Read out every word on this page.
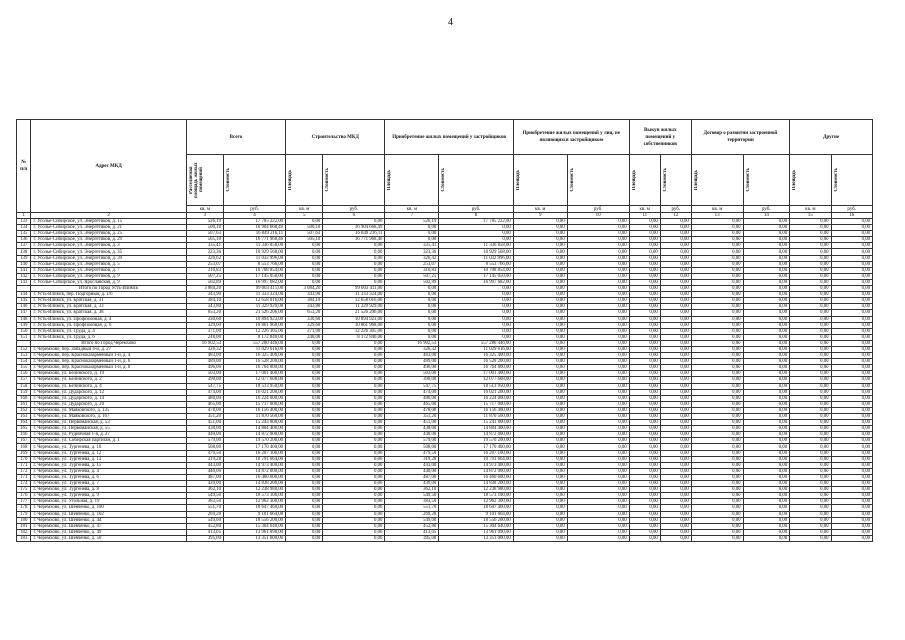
4
№ п/п	Адрес МКД	Всего		Строительство МКД		Приобретение жилых помещений у застройщиков		Приобретение жилых помещений у лиц, не являющихся застройщиком		Выкуп жилых помещений у собственников		Договор о развитии застроенной территории		Другие	

		Расселяемая площадь жилых помещений	Стоимость	Площадь	Стоимость	Площадь	Стоимость	Площадь	Стоимость	Площадь	Стоимость	Площадь	Стоимость	Площадь	Стоимость

		кв. м	руб.	кв. м	руб.	кв. м	руб.	кв. м	руб.	кв. м	руб.	кв. м	руб.	кв. м	руб.
1	2	3	4	5	6	7	8	9	10	11	12	13	14	15	16
133	г. Усолье-Сибирское, ул. Энергетиков, д. 15	526,19	17 785 222,00	0,00	0,00	526,19	17 785 222,00	0,00	0,00	0,00	0,00	0,00	0,00	0,00	0,00
134	г. Усолье-Сибирское, ул. Энергетиков, д. 21	500,10	16 904 668,49	500,10	16 904 668,49	0,00	0,00	0,00	0,00	0,00	0,00	0,00	0,00	0,00	0,00
135	г. Усолье-Сибирское, ул. Энергетиков, д. 25	507,63	16 849 216,11	507,63	16 849 216,11	0,00	0,00	0,00	0,00	0,00	0,00	0,00	0,00	0,00	0,00
136	г. Усолье-Сибирское, ул. Энергетиков, д. 29	505,10	16 771 968,46	505,10	16 771 968,46	0,00	0,00	0,00	0,00	0,00	0,00	0,00	0,00	0,00	0,00
137	г. Усолье-Сибирское, ул. Энергетиков, д. 3	335,41	11 336 858,00	0,00	0,00	335,41	11 336 858,00	0,00	0,00	0,00	0,00	0,00	0,00	0,00	0,00
138	г. Усолье-Сибирское, ул. Энергетиков, д. 35	323,36	10 929 568,00	0,00	0,00	323,36	10 929 568,00	0,00	0,00	0,00	0,00	0,00	0,00	0,00	0,00
139	г. Усолье-Сибирское, ул. Энергетиков, д. 39	326,62	11 032 996,00	0,00	0,00	326,42	11 032 996,00	0,00	0,00	0,00	0,00	0,00	0,00	0,00	0,00
140	г. Усолье-Сибирское, ул. Энергетиков, д. 5	253,07	8 553 766,00	0,00	0,00	253,07	8 553 766,00	0,00	0,00	0,00	0,00	0,00	0,00	0,00	0,00
141	г. Усолье-Сибирское, ул. Энергетиков, д. 7	316,83	10 708 854,00	0,00	0,00	316,83	10 708 854,00	0,00	0,00	0,00	0,00	0,00	0,00	0,00	0,00
142	г. Усолье-Сибирское, ул. Энергетиков, д. 9	507,25	17 145 050,00	0,00	0,00	507,25	17 145 050,00	0,00	0,00	0,00	0,00	0,00	0,00	0,00	0,00
143	г. Усолье-Сибирское, ул. Ярославская, д. 9	502,89	16 997 682,00	0,00	0,00	502,89	16 997 682,00	0,00	0,00	0,00	0,00	0,00	0,00	0,00	0,00
	Итого по Город Усть-Илимск	3 084,20	99 003 411,00	3 084,20	99 003 411,00	0,00	0,00	0,00	0,00	0,00	0,00	0,00	0,00	0,00	0,00
144	г. Усть-Илимск, пер. Подгорный, д. 1/6	343,90	11 333 324,00	343,90	11 333 324,00	0,00	0,00	0,00	0,00	0,00	0,00	0,00	0,00	0,00	0,00
145	г. Усть-Илимск, ул. Братская, д. 31	384,10	12 658 016,00	384,10	12 658 016,00	0,00	0,00	0,00	0,00	0,00	0,00	0,00	0,00	0,00	0,00
146	г. Усть-Илимск, ул. Братская, д. 33	343,80	11 329 929,00	343,80	11 329 929,00	0,00	0,00	0,00	0,00	0,00	0,00	0,00	0,00	0,00	0,00
147	г. Усть-Илимск, ул. Братская, д. 38	653,20	21 526 206,00	653,20	21 526 206,00	0,00	0,00	0,00	0,00	0,00	0,00	0,00	0,00	0,00	0,00
148	г. Усть-Илимск, ул. Профсоюзная, д. 4	330,60	10 894 923,00	330,60	10 894 923,00	0,00	0,00	0,00	0,00	0,00	0,00	0,00	0,00	0,00	0,00
149	г. Усть-Илимск, ул. Профсоюзная, д. 6	329,60	10 861 968,00	329,60	10 861 968,00	0,00	0,00	0,00	0,00	0,00	0,00	0,00	0,00	0,00	0,00
150	г. Усть-Илимск, ул. Труда, д. 4	371,00	12 226 305,00	371,00	12 226 305,00	0,00	0,00	0,00	0,00	0,00	0,00	0,00	0,00	0,00	0,00
151	г. Усть-Илимск, ул. Труда, д. 6	248,00	8 172 840,00	248,00	8 172 840,00	0,00	0,00	0,00	0,00	0,00	0,00	0,00	0,00	0,00	0,00
	Итого по Город Черемхово	16 902,53	557 280 446,00	0,00	0,00	16 902,53	557 280 446,00	0,00	0,00	0,00	0,00	0,00	0,00	0,00	0,00
152	г. Черемхово, пер. Западный 4-й, д. 27	326,32	11 029 616,00	0,00	0,00	326,32	11 029 616,00	0,00	0,00	0,00	0,00	0,00	0,00	0,00	0,00
153	г. Черемхово, пер. Красноказарменный 1-й, д. 4	483,00	16 325 400,00	0,00	0,00	483,00	16 325 400,00	0,00	0,00	0,00	0,00	0,00	0,00	0,00	0,00
154	г. Черемхово, пер. Красноказарменный 1-й, д. 6	489,00	16 528 200,00	0,00	0,00	489,00	16 528 200,00	0,00	0,00	0,00	0,00	0,00	0,00	0,00	0,00
155	г. Черемхово, пер. Красноказарменный 1-й, д. 8	496,00	16 764 800,00	0,00	0,00	496,00	16 764 800,00	0,00	0,00	0,00	0,00	0,00	0,00	0,00	0,00
156	г. Черемхово, ул. Белинского, д. 19	503,00	17 001 400,00	0,00	0,00	503,00	17 001 400,00	0,00	0,00	0,00	0,00	0,00	0,00	0,00	0,00
157	г. Черемхово, ул. Белинского, д. 2	390,00	12 077 608,00	0,00	0,00	390,00	12 077 608,00	0,00	0,00	0,00	0,00	0,00	0,00	0,00	0,00
158	г. Черемхово, ул. Белинского, д. 4	547,75	18 513 950,00	0,00	0,00	547,75	18 513 950,00	0,00	0,00	0,00	0,00	0,00	0,00	0,00	0,00
159	г. Черемхово, ул. Дударского, д. 12	474,00	16 021 200,00	0,00	0,00	474,00	16 021 200,00	0,00	0,00	0,00	0,00	0,00	0,00	0,00	0,00
160	г. Черемхово, ул. Дударского, д. 14	480,00	16 224 000,00	0,00	0,00	480,00	16 224 000,00	0,00	0,00	0,00	0,00	0,00	0,00	0,00	0,00
161	г. Черемхово, ул. Дударского, д. 20	465,00	15 717 000,00	0,00	0,00	465,00	15 717 000,00	0,00	0,00	0,00	0,00	0,00	0,00	0,00	0,00
162	г. Черемхово, ул. Маяковского, д. 135	478,00	16 156 400,00	0,00	0,00	478,00	16 156 400,00	0,00	0,00	0,00	0,00	0,00	0,00	0,00	0,00
163	г. Черемхово, ул. Маяковского, д. 167	351,20	11 870 560,00	0,00	0,00	351,20	11 870 560,00	0,00	0,00	0,00	0,00	0,00	0,00	0,00	0,00
164	г. Черемхово, ул. Первомайская, д. 53	451,00	15 243 800,00	0,00	0,00	451,00	15 243 800,00	0,00	0,00	0,00	0,00	0,00	0,00	0,00	0,00
165	г. Черемхово, ул. Первомайская, д. 55	438,00	14 804 400,00	0,00	0,00	438,00	14 804 400,00	0,00	0,00	0,00	0,00	0,00	0,00	0,00	0,00
166	г. Черемхово, ул. Рудничная 1-я, д. 27	440,00	14 872 000,00	0,00	0,00	440,00	14 872 000,00	0,00	0,00	0,00	0,00	0,00	0,00	0,00	0,00
167	г. Черемхово, ул. Сибирская партизан, д. 1	579,00	19 570 200,00	0,00	0,00	579,00	19 570 200,00	0,00	0,00	0,00	0,00	0,00	0,00	0,00	0,00
168	г. Черемхово, ул. Тургенева, д. 10	508,00	17 170 400,00	0,00	0,00	508,00	17 170 400,00	0,00	0,00	0,00	0,00	0,00	0,00	0,00	0,00
169	г. Черемхово, ул. Тургенева, д. 12	479,50	16 207 100,00	0,00	0,00	479,50	16 207 100,00	0,00	0,00	0,00	0,00	0,00	0,00	0,00	0,00
170	г. Черемхово, ул. Тургенева, д. 13	319,28	10 791 664,00	0,00	0,00	319,28	10 791 664,00	0,00	0,00	0,00	0,00	0,00	0,00	0,00	0,00
171	г. Черемхово, ул. Тургенева, д. 15	443,00	14 973 400,00	0,00	0,00	443,00	14 973 400,00	0,00	0,00	0,00	0,00	0,00	0,00	0,00	0,00
172	г. Черемхово, ул. Тургенева, д. 4	440,00	14 872 000,00	0,00	0,00	440,00	14 872 000,00	0,00	0,00	0,00	0,00	0,00	0,00	0,00	0,00
173	г. Черемхово, ул. Тургенева, д. 6	487,00	16 460 600,00	0,00	0,00	487,00	16 460 600,00	0,00	0,00	0,00	0,00	0,00	0,00	0,00	0,00
174	г. Черемхово, ул. Тургенева, д. 7	439,00	14 838 200,00	0,00	0,00	439,00	14 838 200,00	0,00	0,00	0,00	0,00	0,00	0,00	0,00	0,00
175	г. Черемхово, ул. Тургенева, д. 8	362,10	12 238 980,00	0,00	0,00	362,10	12 238 980,00	0,00	0,00	0,00	0,00	0,00	0,00	0,00	0,00
176	г. Черемхово, ул. Тургенева, д. 9	549,50	18 573 100,00	0,00	0,00	549,50	18 573 100,00	0,00	0,00	0,00	0,00	0,00	0,00	0,00	0,00
177	г. Черемхово, ул. Угольная, д. 19	383,50	12 962 300,00	0,00	0,00	383,50	12 962 300,00	0,00	0,00	0,00	0,00	0,00	0,00	0,00	0,00
178	г. Черемхово, ул. Шевченко, д. 100	551,70	18 647 460,00	0,00	0,00	551,70	18 647 460,00	0,00	0,00	0,00	0,00	0,00	0,00	0,00	0,00
179	г. Черемхово, ул. Шевченко, д. 102	269,28	9 101 664,00	0,00	0,00	269,28	9 101 664,00	0,00	0,00	0,00	0,00	0,00	0,00	0,00	0,00
180	г. Черемхово, ул. Шевченко, д. 44	549,00	18 556 200,00	0,00	0,00	549,00	18 556 200,00	0,00	0,00	0,00	0,00	0,00	0,00	0,00	0,00
181	г. Черемхово, ул. Шевченко, д. 47	452,80	15 304 640,00	0,00	0,00	452,80	15 304 640,00	0,00	0,00	0,00	0,00	0,00	0,00	0,00	0,00
182	г. Черемхово, ул. Шевченко, д. 49	413,05	13 961 090,00	0,00	0,00	413,05	13 961 090,00	0,00	0,00	0,00	0,00	0,00	0,00	0,00	0,00
183	г. Черемхово, ул. Шевченко, д. 50	395,00	13 351 000,00	0,00	0,00	395,00	13 351 000,00	0,00	0,00	0,00	0,00	0,00	0,00	0,00	0,00
